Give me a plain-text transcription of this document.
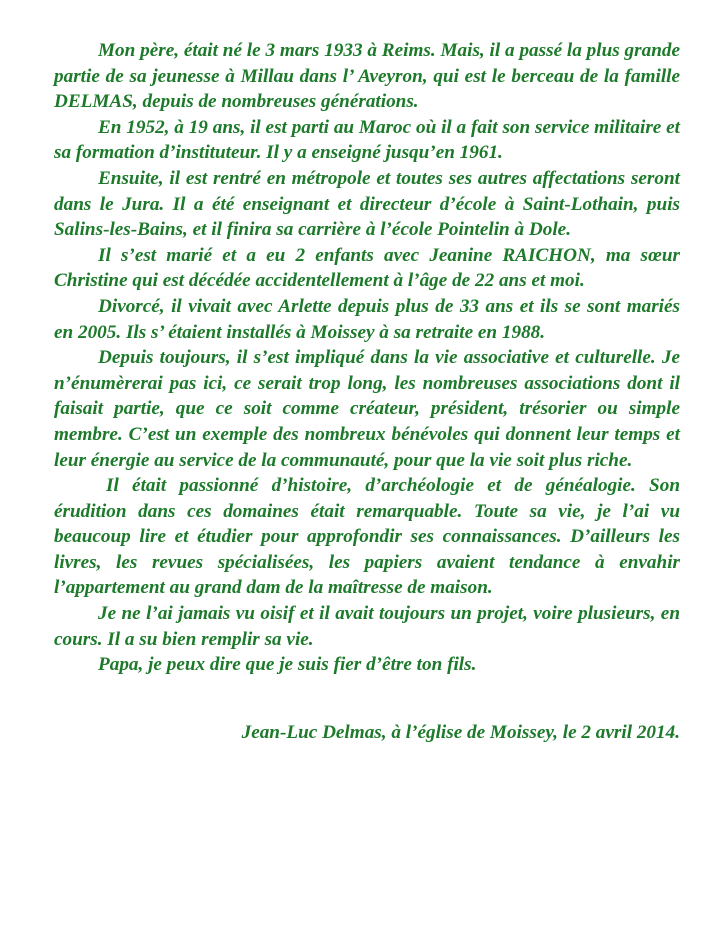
Mon père, était né le 3 mars 1933 à Reims. Mais, il a passé la plus grande partie de sa jeunesse à Millau dans l’ Aveyron, qui est le berceau de la famille DELMAS, depuis de nombreuses générations.

En 1952, à 19 ans, il est parti au Maroc où il a fait son service militaire et sa formation d’instituteur. Il y a enseigné jusqu’en 1961.

Ensuite, il est rentré en métropole et toutes ses autres affectations seront dans le Jura. Il a été enseignant et directeur d’école à Saint-Lothain, puis Salins-les-Bains, et il finira sa carrière à l’école Pointelin à Dole.

Il s’est marié et a eu 2 enfants avec Jeanine RAICHON, ma sœur Christine qui est décédée accidentellement à l’âge de 22 ans et moi.

Divorcé, il vivait avec Arlette depuis plus de 33 ans et ils se sont mariés en 2005. Ils s’ étaient installés à Moissey à sa retraite en 1988.

Depuis toujours, il s’est impliqué dans la vie associative et culturelle. Je n’énumèrerai pas ici, ce serait trop long, les nombreuses associations dont il faisait partie, que ce soit comme créateur, président, trésorier ou simple membre. C’est un exemple des nombreux bénévoles qui donnent leur temps et leur énergie au service de la communauté, pour que la vie soit plus riche.

Il était passionné d’histoire, d’archéologie et de généalogie. Son érudition dans ces domaines était remarquable. Toute sa vie, je l’ai vu beaucoup lire et étudier pour approfondir ses connaissances. D’ailleurs les livres, les revues spécialisées, les papiers avaient tendance à envahir l’appartement au grand dam de la maîtresse de maison.

Je ne l’ai jamais vu oisif et il avait toujours un projet, voire plusieurs, en cours. Il a su bien remplir sa vie.

Papa, je peux dire que je suis fier d’être ton fils.

Jean-Luc Delmas, à l’église de Moissey, le 2 avril 2014.
